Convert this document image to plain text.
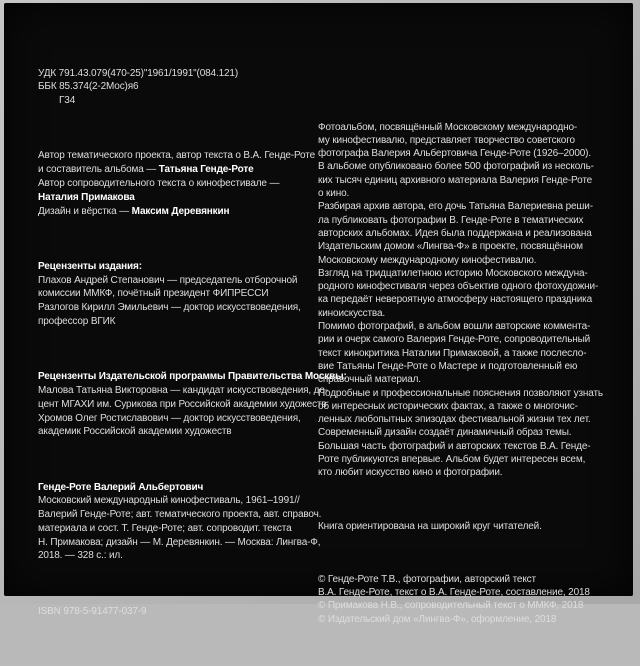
УДК 791.43.079(470-25)"1961/1991"(084.121)
ББК 85.374(2-2Мос)я6
Г34

Автор тематического проекта, автор текста о В.А. Генде-Роте
и составитель альбома — Татьяна Генде-Роте
Автор сопроводительного текста о кинофестивале —
Наталия Примакова
Дизайн и вёрстка — Максим Деревянкин

Рецензенты издания:
Плахов Андрей Степанович — председатель отборочной
комиссии ММКФ, почётный президент ФИПРЕССИ
Разлогов Кирилл Эмильевич — доктор искусствоведения,
профессор ВГИК

Рецензенты Издательской программы Правительства Москвы:
Малова Татьяна Викторовна — кандидат искусствоведения, до-
цент МГАХИ им. Сурикова при Российской академии художеств
Хромов Олег Ростиславович — доктор искусствоведения,
академик Российской академии художеств

Генде-Роте Валерий Альбертович
Московский международный кинофестиваль, 1961–1991//
Валерий Генде-Роте; авт. тематического проекта, авт. справоч.
материала и сост. Т. Генде-Роте; авт. сопроводит. текста
Н. Примакова; дизайн — М. Деревянкин. — Москва: Лингва-Ф,
2018. — 328 с.: ил.

ISBN 978-5-91477-037-9

Фотоальбом, посвящённый Московскому международно-
му кинофестивалю, представляет творчество советского
фотографа Валерия Альбертовича Генде-Роте (1926–2000).
В альбоме опубликовано более 500 фотографий из несколь-
ких тысяч единиц архивного материала Валерия Генде-Роте
о кино.
Разбирая архив автора, его дочь Татьяна Валериевна реши-
ла публиковать фотографии В. Генде-Роте в тематических
авторских альбомах. Идея была поддержана и реализована
Издательским домом «Лингва-Ф» в проекте, посвящённом
Московскому международному кинофестивалю.
Взгляд на тридцатилетнюю историю Московского междуна-
родного кинофестиваля через объектив одного фотохудожни-
ка передаёт невероятную атмосферу настоящего праздника
киноискусства.
Помимо фотографий, в альбом вошли авторские коммента-
рии и очерк самого Валерия Генде-Роте, сопроводительный
текст кинокритика Наталии Примаковой, а также послесло-
вие Татьяны Генде-Роте о Мастере и подготовленный ею
справочный материал.
Подробные и профессиональные пояснения позволяют узнать
об интересных исторических фактах, а также о многочис-
ленных любопытных эпизодах фестивальной жизни тех лет.
Современный дизайн создаёт динамичный образ темы.
Большая часть фотографий и авторских текстов В.А. Генде-
Роте публикуются впервые. Альбом будет интересен всем,
кто любит искусство кино и фотографии.

Книга ориентирована на широкий круг читателей.

© Генде-Роте Т.В., фотографии, авторский текст
В.А. Генде-Роте, текст о В.А. Генде-Роте, составление, 2018
© Примакова Н.В., сопроводительный текст о ММКФ, 2018
© Издательский дом «Лингва-Ф», оформление, 2018
